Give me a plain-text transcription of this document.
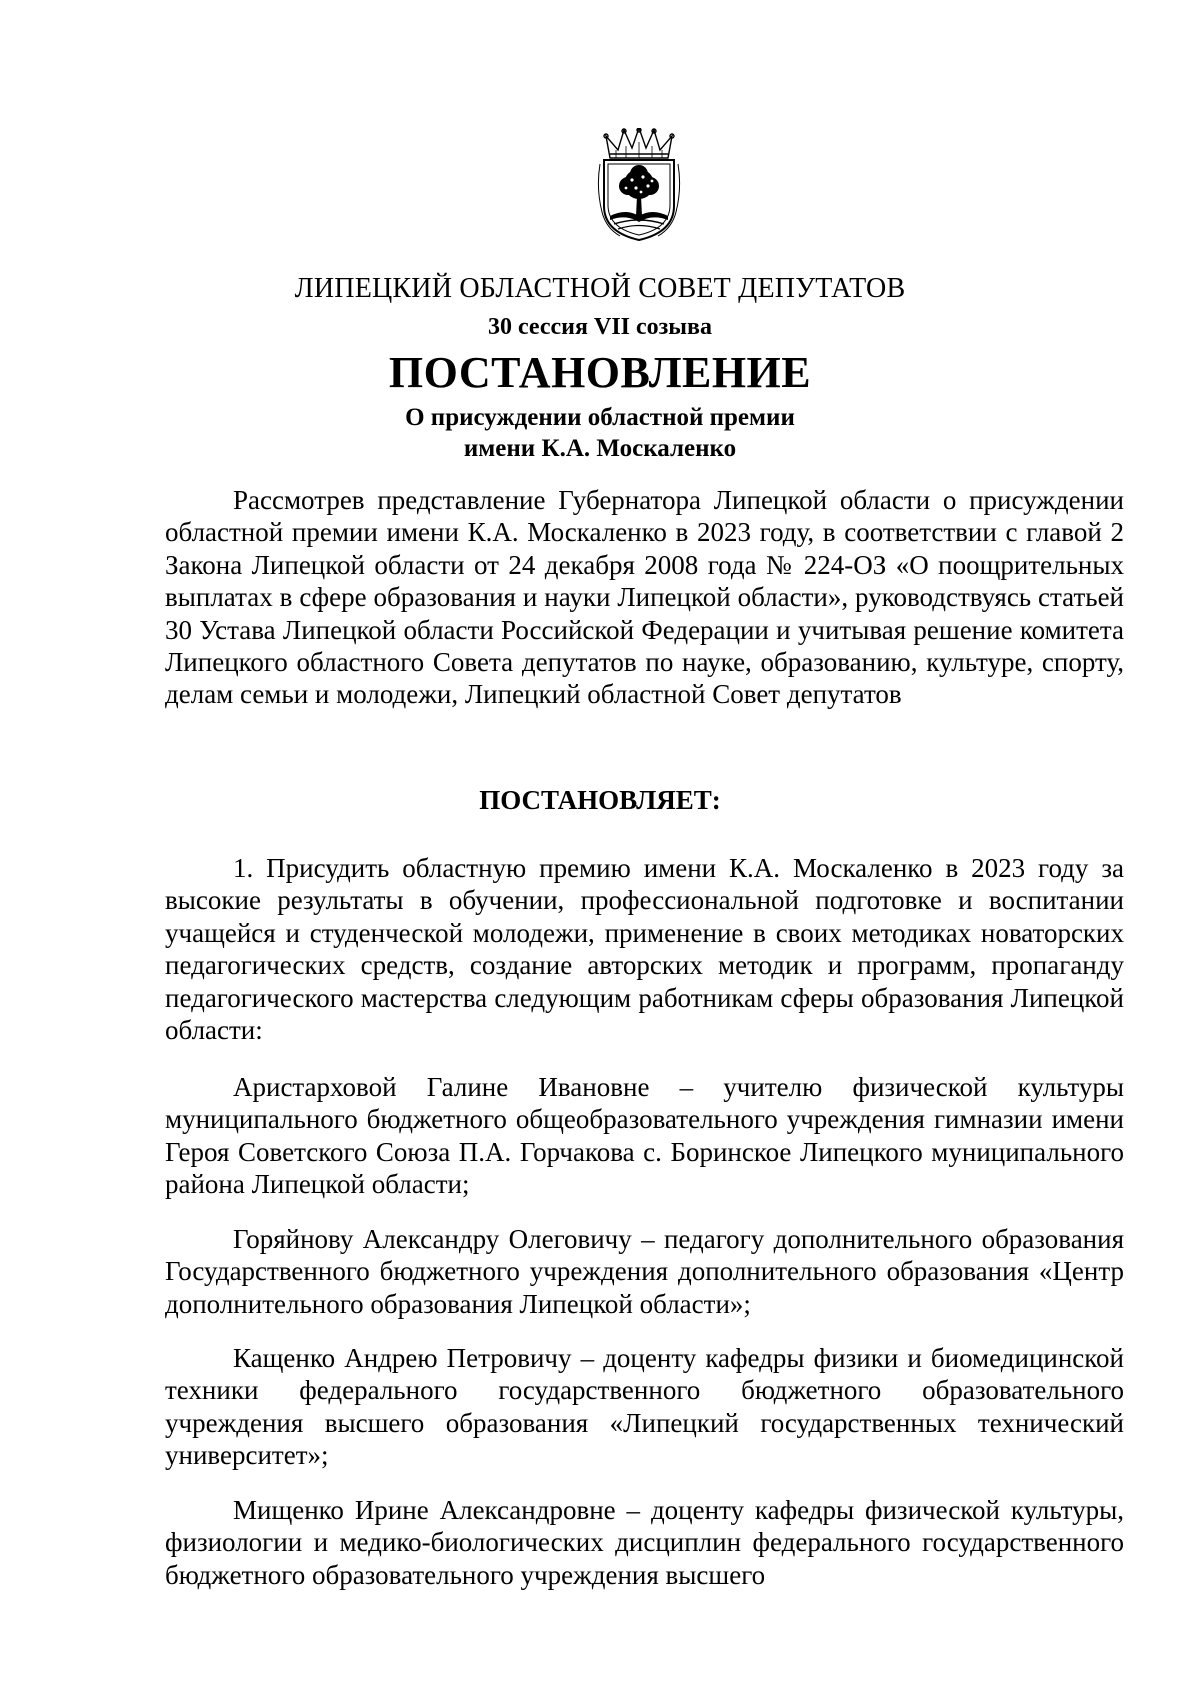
ЛИПЕЦКИЙ ОБЛАСТНОЙ СОВЕТ ДЕПУТАТОВ
30 сессия VII созыва
ПОСТАНОВЛЕНИЕ
О присуждении областной премии
имени К.А. Москаленко

Рассмотрев представление Губернатора Липецкой области о присуждении областной премии имени К.А. Москаленко в 2023 году, в соответствии с главой 2 Закона Липецкой области от 24 декабря 2008 года № 224-ОЗ «О поощрительных выплатах в сфере образования и науки Липецкой области», руководствуясь статьей 30 Устава Липецкой области Российской Федерации и учитывая решение комитета Липецкого областного Совета депутатов по науке, образованию, культуре, спорту, делам семьи и молодежи, Липецкий областной Совет депутатов

ПОСТАНОВЛЯЕТ:

1. Присудить областную премию имени К.А. Москаленко в 2023 году за высокие результаты в обучении, профессиональной подготовке и воспитании учащейся и студенческой молодежи, применение в своих методиках новаторских педагогических средств, создание авторских методик и программ, пропаганду педагогического мастерства следующим работникам сферы образования Липецкой области:

Аристарховой Галине Ивановне – учителю физической культуры муниципального бюджетного общеобразовательного учреждения гимназии имени Героя Советского Союза П.А. Горчакова с. Боринское Липецкого муниципального района Липецкой области;

Горяйнову Александру Олеговичу – педагогу дополнительного образования Государственного бюджетного учреждения дополнительного образования «Центр дополнительного образования Липецкой области»;

Кащенко Андрею Петровичу – доценту кафедры физики и биомедицинской техники федерального государственного бюджетного образовательного учреждения высшего образования «Липецкий государственных технический университет»;

Мищенко Ирине Александровне – доценту кафедры физической культуры, физиологии и медико-биологических дисциплин федерального государственного бюджетного образовательного учреждения высшего
